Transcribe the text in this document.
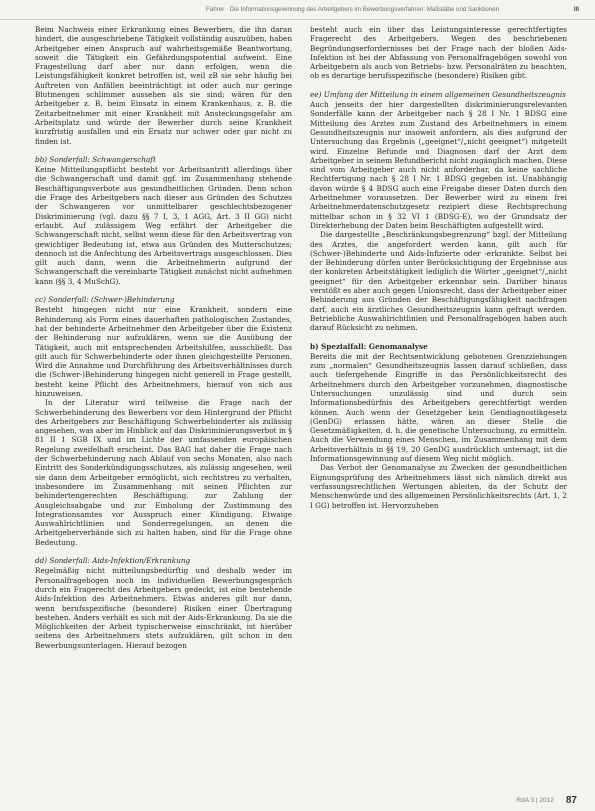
Fahrer · Die Informationsgewinnung des Arbeitgebers im Bewerbungsverfahren: Maßstäbe und Sanktionen	III

Beim Nachweis einer Erkrankung eines Bewerbers, die ihn daran hindert, die ausgeschriebene Tätigkeit vollständig auszuüben, haben Arbeitgeber einen Anspruch auf wahrheitsgemäße Beantwortung, soweit die Tätigkeit ein Gefährdungspotential aufweist. Eine Fragestellung darf aber nur dann erfolgen, wenn die Leistungsfähigkeit konkret betroffen ist, weil zB sie sehr häufig bei Auftreten von Anfällen beeinträchtigt ist oder auch nur geringe Blutmengen schlimmer aussehen als sie sind; wären für den Arbeitgeber z. B. beim Einsatz in einem Krankenhaus, z. B. die Zeitarbeitnehmer mit einer Krankheit mit Ansteckungsgefahr am Arbeitsplatz und würde der Bewerber durch seine Krankheit kurzfristig ausfallen und ein Ersatz nur schwer oder gar nicht zu finden ist.

bb) Sonderfall: Schwangerschaft

Keine Mitteilungspflicht besteht vor Arbeitsantritt allerdings über die Schwangerschaft und damit ggf. im Zusammenhang stehende Beschäftigungsverbote aus gesundheitlichen Gründen. Denn schon die Frage des Arbeitgebers nach dieser aus Gründen des Schutzes der Schwangeren vor unmittelbarer geschlechtsbezogener Diskriminierung (vgl. dazu §§ 7 I, 3, 1 AGG, Art. 3 II GG) nicht erlaubt. Auf zulässigem Weg erfährt der Arbeitgeber die Schwangerschaft nicht, selbst wenn diese für den Arbeitsvertrag von gewichtiger Bedeutung ist, etwa aus Gründen des Mutterschutzes; dennoch ist die Anfechtung des Arbeitsvertrags ausgeschlossen. Dies gilt auch dann, wenn die Arbeitnehmerin aufgrund der Schwangerschaft die vereinbarte Tätigkeit zunächst nicht aufnehmen kann (§§ 3, 4 MuSchG).

cc) Sonderfall: (Schwer-)Behinderung

Besteht hingegen nicht nur eine Krankheit, sondern eine Behinderung als Form eines dauerhaften pathologischen Zustandes, hat der behinderte Arbeitnehmer den Arbeitgeber über die Existenz der Behinderung nur aufzuklären, wenn sie die Ausübung der Tätigkeit, auch mit entsprechenden Arbeitshilfen, ausschließt. Das gilt auch für Schwerbehinderte oder ihnen gleichgestellte Personen. Wird die Annahme und Durchführung des Arbeitsverhältnisses durch die (Schwer-)Behinderung hingegen nicht generell in Frage gestellt, besteht keine Pflicht des Arbeitnehmers, hierauf von sich aus hinzuweisen.

In der Literatur wird teilweise die Frage nach der Schwerbehinderung des Bewerbers vor dem Hintergrund der Pflicht des Arbeitgebers zur Beschäftigung Schwerbehinderter als zulässig angesehen, was aber im Hinblick auf das Diskriminierungsverbot in § 81 II 1 SGB IX und im Lichte der umfassenden europäischen Regelung zweifelhaft erscheint. Das BAG hat daher die Frage nach der Schwerbehinderung nach Ablauf von sechs Monaten, also nach Eintritt des Sonderkündigungsschutzes, als zulässig angesehen, weil sie dann dem Arbeitgeber ermöglicht, sich rechtstreu zu verhalten, insbesondere im Zusammenhang mit seinen Pflichten zur behindertengerechten Beschäftigung, zur Zahlung der Ausgleichsabgabe und zur Einholung der Zustimmung des Integrationsamtes vor Ausspruch einer Kündigung. Etwaige Auswahlrichtlinien und Sonderregelungen, an denen die Arbeitgeberverbände sich zu halten haben, sind für die Frage ohne Bedeutung.

dd) Sonderfall: Aids-Infektion/Erkrankung

Regelmäßig nicht mitteilungsbedürftig und deshalb weder im Personalfragebogen noch im individuellen Bewerbungsgespräch durch ein Fragerecht des Arbeitgebers gedeckt, ist eine bestehende Aids-Infektion des Arbeitnehmers. Etwas anderes gilt nur dann, wenn berufsspezifische (besondere) Risiken einer Übertragung bestehen. Anders verhält es sich mit der Aids-Erkrankung. Da sie die Möglichkeiten der Arbeit typischerweise einschränkt, ist hierüber seitens des Arbeitnehmers stets aufzuklären, gilt schon in den Bewerbungsunterlagen. Hierauf bezogen

besteht auch ein über das Leistungsinteresse gerechtfertigtes Fragerecht des Arbeitgebers. Wegen des beschriebenen Begründungserfordernisses bei der Frage nach der bloßen Aids-Infektion ist bei der Abfassung von Personalfragebögen sowohl von Arbeitgebern als auch von Betriebs- bzw. Personalräten zu beachten, ob es derartige berufsspezifische (besondere) Risiken gibt.

ee) Umfang der Mitteilung in einem allgemeinen Gesundheitszeugnis

Auch jenseits der hier dargestellten diskriminierungsrelevanten Sonderfälle kann der Arbeitgeber nach § 28 I Nr. 1 BDSG eine Mitteilung des Arztes zum Zustand des Arbeitnehmers in einem Gesundheitszeugnis nur insoweit anfordern, als dies aufgrund der Untersuchung das Ergebnis („geeignet“/„nicht geeignet“) mitgeteilt wird. Einzelne Befunde und Diagnosen darf der Arzt dem Arbeitgeber in seinem Befundbericht nicht zugänglich machen. Diese sind vom Arbeitgeber auch nicht anforderbar, da keine sachliche Rechtfertigung nach § 28 I Nr. 1 BDSG gegeben ist. Unabhängig davon würde § 4 BDSG auch eine Freigabe dieser Daten durch den Arbeitnehmer voraussetzen. Der Bewerber wird zu einem frei Arbeitnehmerdatenschutzgesetz rezipiert diese Rechtsprechung mittelbar schon in § 32 VI 1 (BDSG-E), wo der Grundsatz der Direkterhebung der Daten beim Beschäftigten aufgestellt wird.

Die dargestellte „Beschränkungsbegrenzung“ bzgl. der Mitteilung des Arztes, die angefordert werden kann, gilt auch für (Schwer-)Behinderte und Aids-Infizierte oder -erkrankte. Selbst bei der Behinderung dürfen unter Berücksichtigung der Ergebnisse aus der konkreten Arbeitstätigkeit lediglich die Wörter „geeignet“/„nicht geeignet“ für den Arbeitgeber erkennbar sein. Darüber hinaus verstößt es aber auch gegen Unionsrecht, dass der Arbeitgeber einer Behinderung aus Gründen der Beschäftigungsfähigkeit nachfragen darf, auch ein ärztliches Gesundheitszeugnis kann gefragt werden. Betriebliche Auswahlrichtlinien und Personalfragebögen haben auch darauf Rücksicht zu nehmen.

b) Spezialfall: Genomanalyse

Bereits die mit der Rechtsentwicklung gebotenen Grenzziehungen zum „normalen“ Gesundheitszeugnis lassen darauf schließen, dass auch tiefergehende Eingriffe in das Persönlichkeitsrecht des Arbeitnehmers durch den Arbeitgeber vorzunehmen, diagnostische Untersuchungen unzulässig sind und durch sein Informationsbedürfnis des Arbeitgebers gerechtfertigt werden können. Auch wenn der Gesetzgeber kein Gendiagnostikgesetz (GenDG) erlassen hätte, wären an dieser Stelle die Gesetzmäßigkeiten, d. h. die genetische Untersuchung, zu ermitteln. Auch die Verwendung eines Menschen, im Zusammenhang mit dem Arbeitsverhältnis in §§ 19, 20 GenDG ausdrücklich untersagt, ist die Informationsgewinnung auf diesem Weg nicht möglich.

Das Verbot der Genomanalyse zu Zwecken der gesundheitlichen Eignungsprüfung des Arbeitnehmers lässt sich nämlich direkt aus verfassungsrechtlichen Wertungen ableiten, da der Schutz der Menschenwürde und des allgemeinen Persönlichkeitsrechts (Art. 1, 2 I GG) betroffen ist. Hervorzuheben

RdA 3 | 2012 87
